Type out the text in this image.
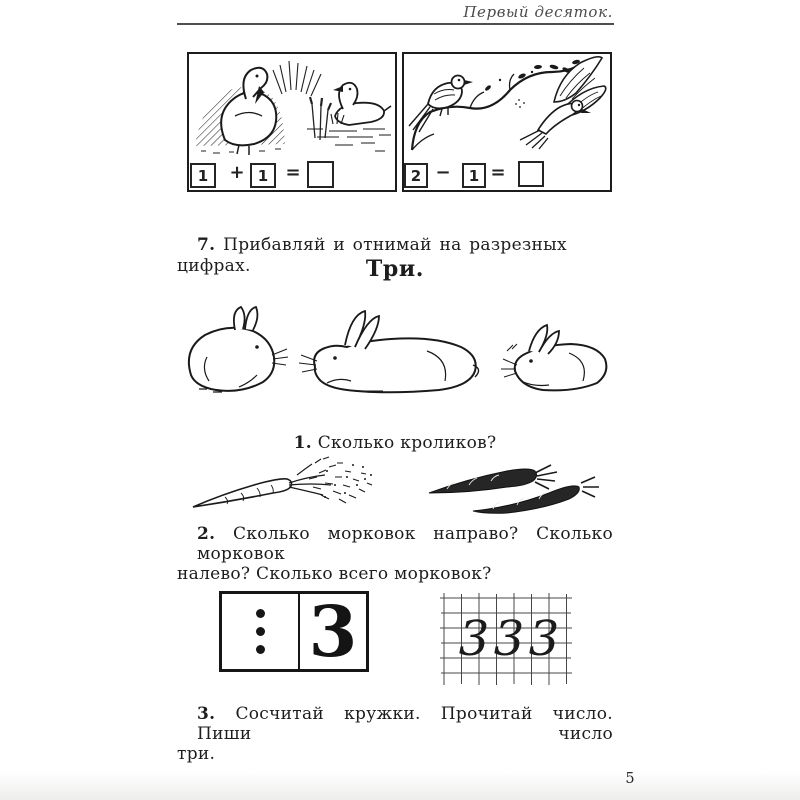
Первый десяток.
1	+ 1 =	2 −	1 =

7. Прибавляй и отнимай на разрезных цифрах.	Три.

1. Сколько кроликов?

2. Сколько морковок направо? Сколько морковок
налево? Сколько всего морковок?
3 3 3 3
3. Сосчитай кружки. Прочитай число. Пиши число
три.
5
